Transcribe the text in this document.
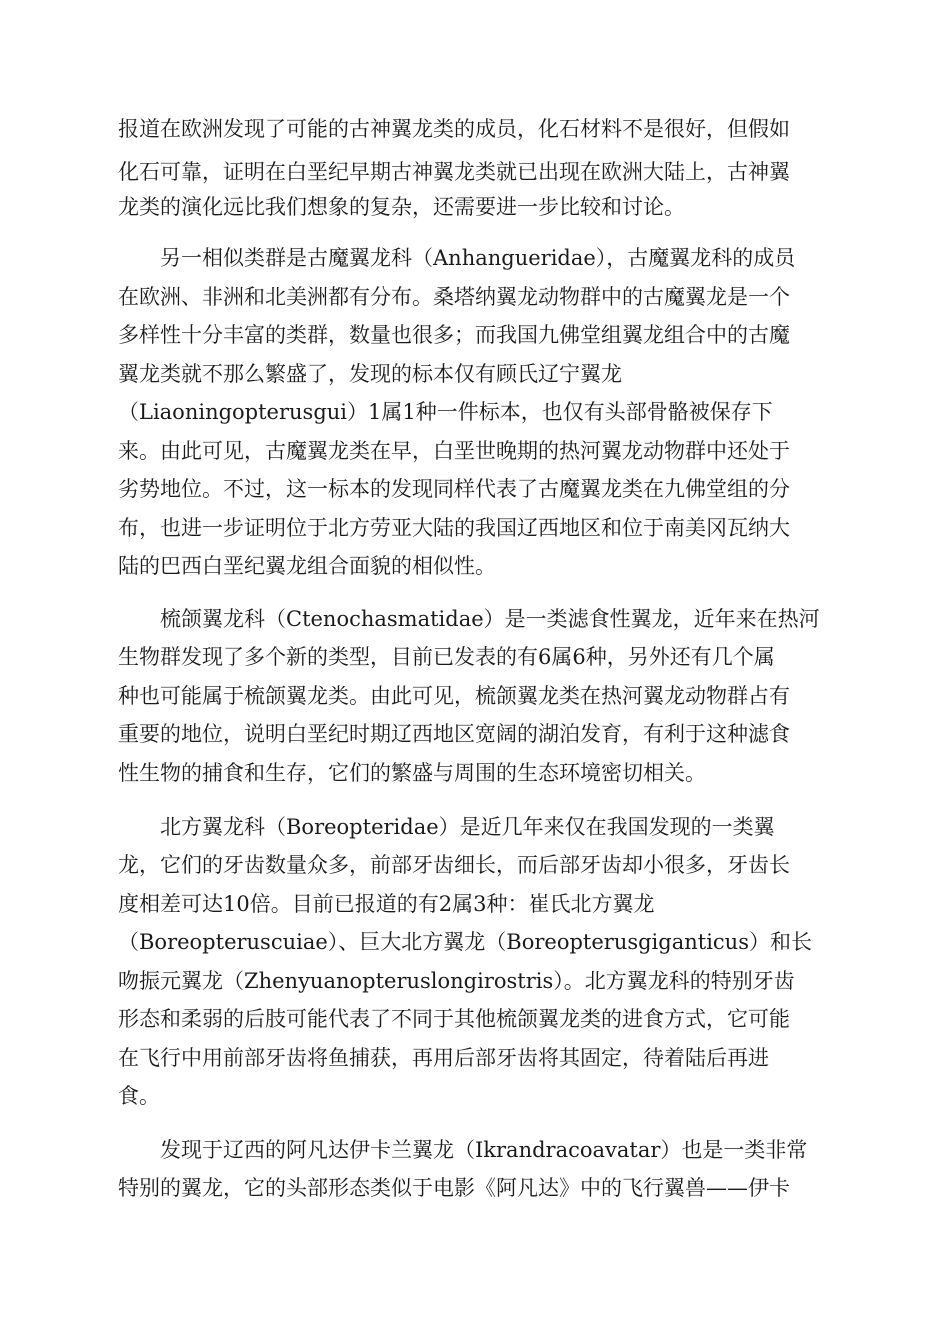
报道在欧洲发现了可能的古神翼龙类的成员，化石材料不是很好，但假如
化石可靠，证明在白垩纪早期古神翼龙类就已出现在欧洲大陆上，古神翼
龙类的演化远比我们想象的复杂，还需要进一步比较和讨论。
另一相似类群是古魔翼龙科（Anhangueridae），古魔翼龙科的成员
在欧洲、非洲和北美洲都有分布。桑塔纳翼龙动物群中的古魔翼龙是一个
多样性十分丰富的类群，数量也很多；而我国九佛堂组翼龙组合中的古魔
翼龙类就不那么繁盛了，发现的标本仅有顾氏辽宁翼龙
（Liaoningopterusgui）1属1种一件标本，也仅有头部骨骼被保存下
来。由此可见，古魔翼龙类在早，白垩世晚期的热河翼龙动物群中还处于
劣势地位。不过，这一标本的发现同样代表了古魔翼龙类在九佛堂组的分
布，也进一步证明位于北方劳亚大陆的我国辽西地区和位于南美冈瓦纳大
陆的巴西白垩纪翼龙组合面貌的相似性。
梳颌翼龙科（Ctenochasmatidae）是一类滤食性翼龙，近年来在热河
生物群发现了多个新的类型，目前已发表的有6属6种，另外还有几个属
种也可能属于梳颌翼龙类。由此可见，梳颌翼龙类在热河翼龙动物群占有
重要的地位，说明白垩纪时期辽西地区宽阔的湖泊发育，有利于这种滤食
性生物的捕食和生存，它们的繁盛与周围的生态环境密切相关。
北方翼龙科（Boreopteridae）是近几年来仅在我国发现的一类翼
龙，它们的牙齿数量众多，前部牙齿细长，而后部牙齿却小很多，牙齿长
度相差可达10倍。目前已报道的有2属3种：崔氏北方翼龙
（Boreopteruscuiae）、巨大北方翼龙（Boreopterusgiganticus）和长
吻振元翼龙（Zhenyuanopteruslongirostris）。北方翼龙科的特别牙齿
形态和柔弱的后肢可能代表了不同于其他梳颌翼龙类的进食方式，它可能
在飞行中用前部牙齿将鱼捕获，再用后部牙齿将其固定，待着陆后再进
食。
发现于辽西的阿凡达伊卡兰翼龙（Ikrandracoavatar）也是一类非常
特别的翼龙，它的头部形态类似于电影《阿凡达》中的飞行翼兽——伊卡
